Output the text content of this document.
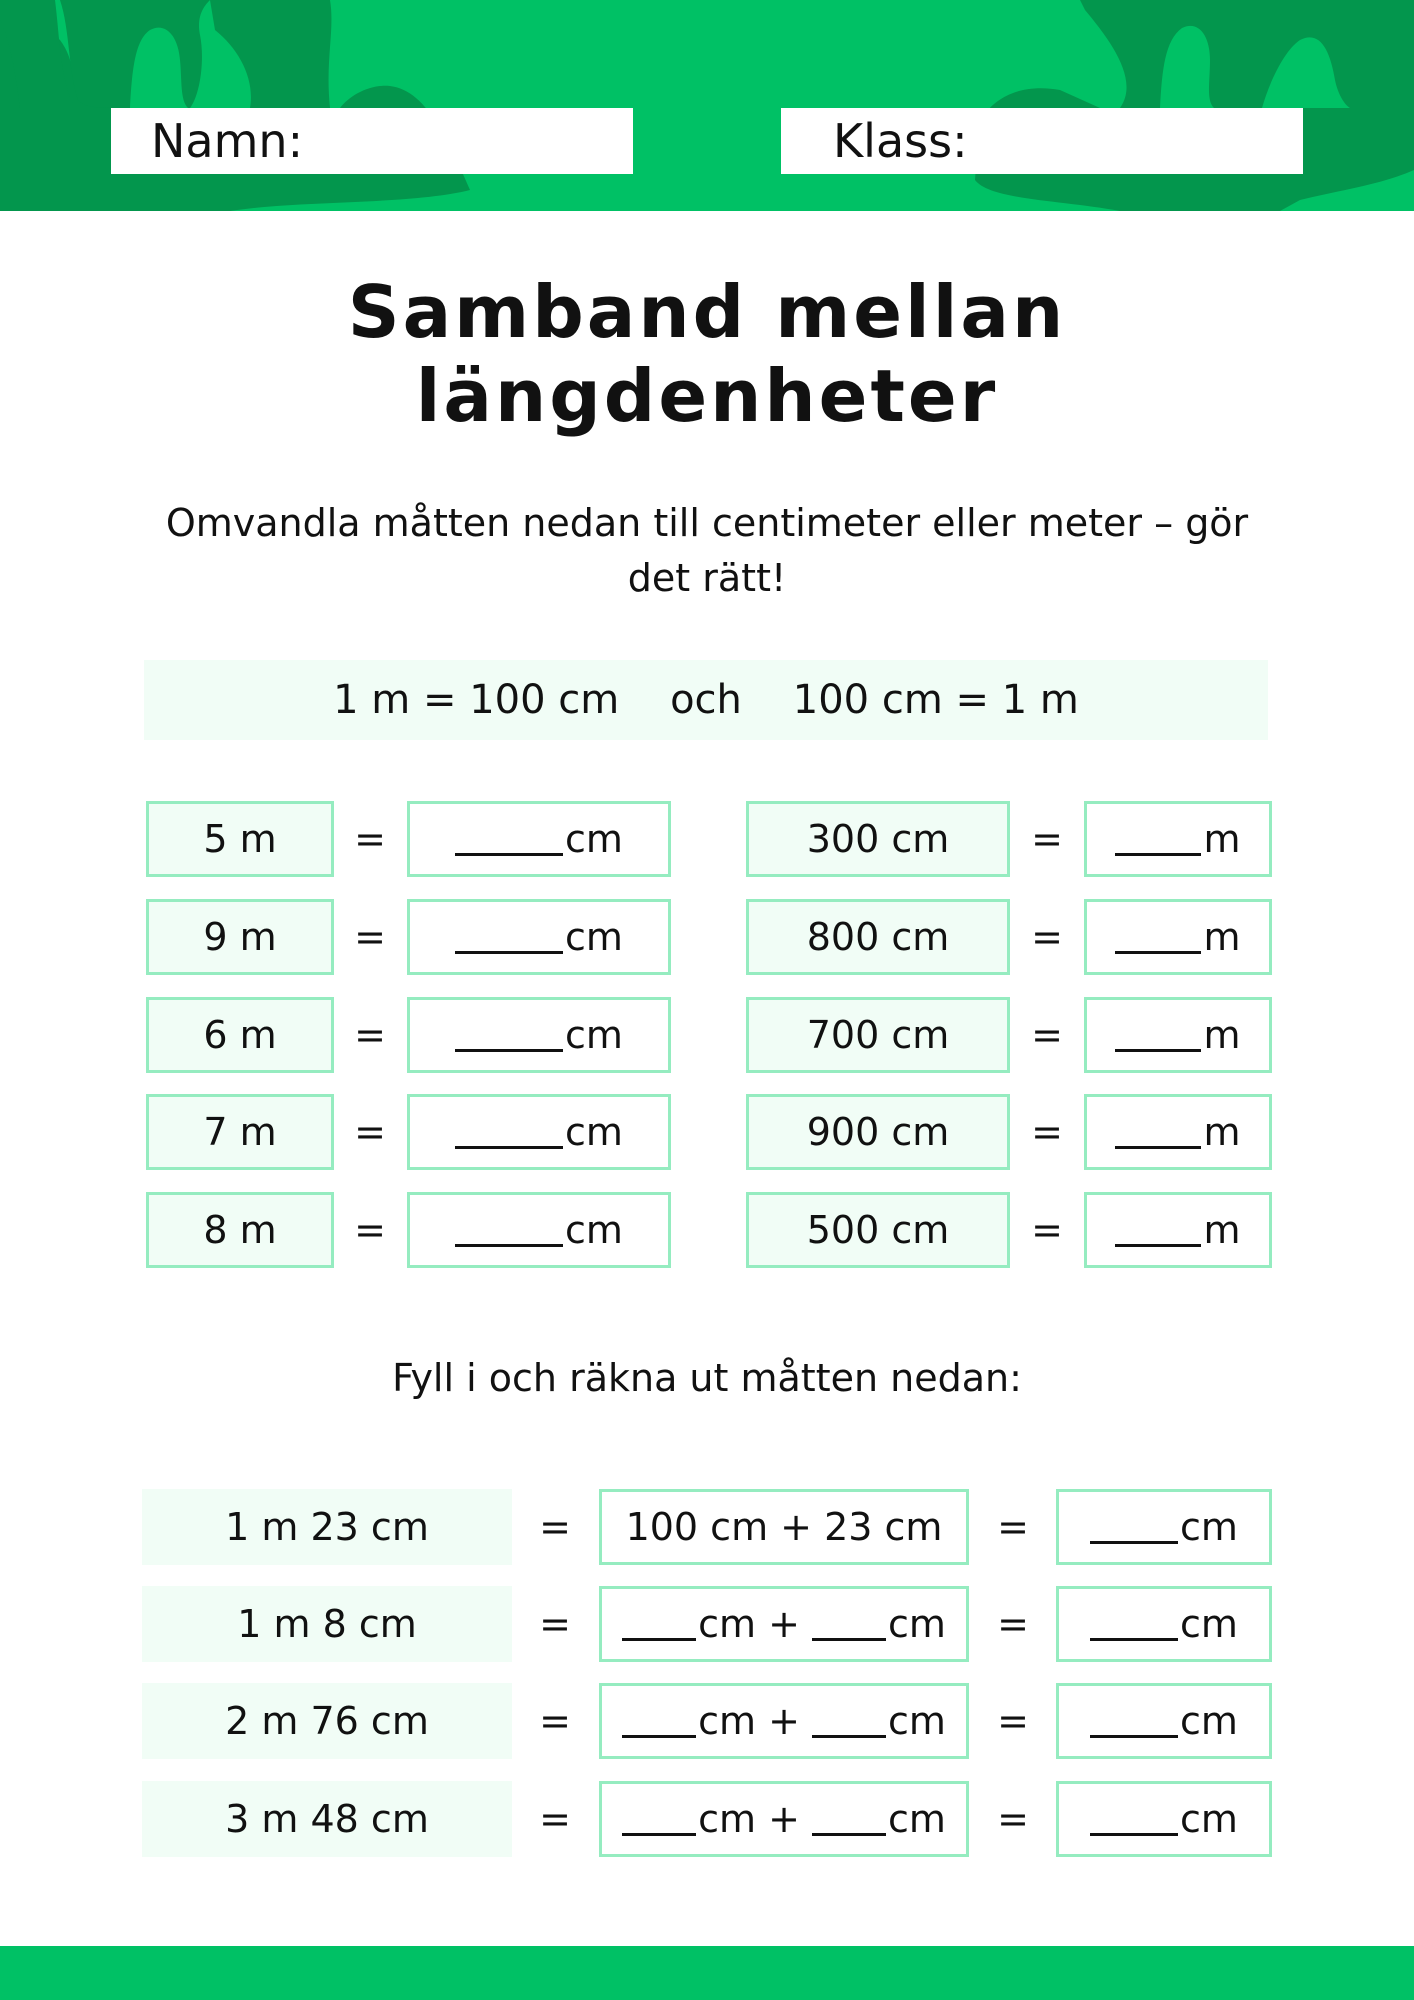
Namn:	Klass:
Samband mellan
längdenheter
Omvandla måtten nedan till centimeter eller meter – gör
det rätt!
1 m = 100 cm och 100 cm = 1 m
5 m	=	cm
9 m	=	cm
6 m	=	cm
7 m	=	cm
8 m	=	cm
300 cm	=	m
800 cm	=	m
700 cm	=	m
900 cm	=	m
500 cm	=	m
Fyll i och räkna ut måtten nedan:
1 m 23 cm	=	100 cm + 23 cm	=	cm
1 m 8 cm	=	cm + cm	=	cm
2 m 76 cm	=	cm + cm	=	cm
3 m 48 cm	=	cm + cm	=	cm
